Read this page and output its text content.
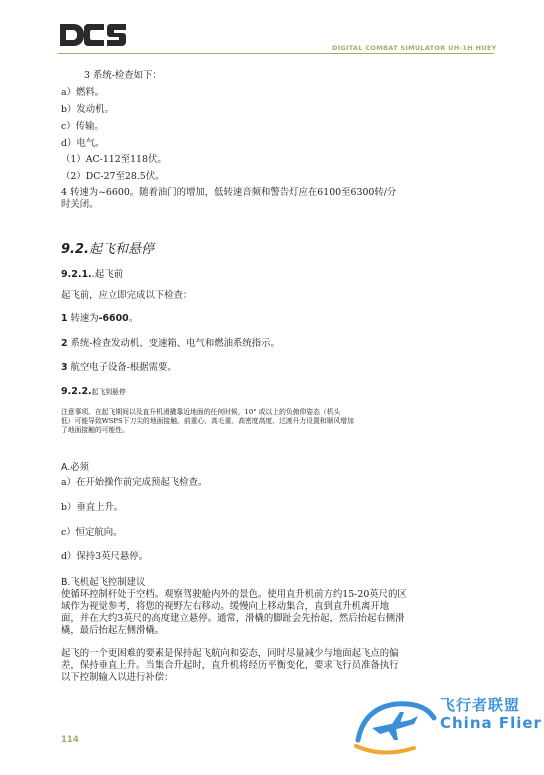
DIGITAL COMBAT SIMULATOR UH-1H HUEY
3 系统-检查如下：
a）燃料。
b）发动机。
c）传输。
d）电气。
（1）AC-112至118伏。
（2）DC-27至28.5伏。
4 转速为~6600。随着油门的增加，低转速音频和警告灯应在6100至6300转/分
时关闭。
9.2.起飞和悬停
9.2.1..起飞前
起飞前，应立即完成以下检查：
1 转速为-6600。
2 系统-检查发动机、变速箱、电气和燃油系统指示。
3 航空电子设备-根据需要。
9.2.2.起飞到悬停
注意事项。在起飞期间以及直升机滑撬靠近地面的任何时候，10° 或以上的负俯仰姿态（机头
低）可能导致WSPS下刀尖的地面接触。前重心、高毛重、高密度高度、过渡升力设置和顺风增加
了地面接触的可能性。
A.必须
a）在开始操作前完成预起飞检查。
b）垂直上升。
c）恒定航向。
d）保持3英尺悬停。
B.飞机起飞控制建议
使循环控制杆处于空档。观察驾驶舱内外的景色。使用直升机前方约15-20英尺的区
域作为视觉参考，将您的视野左右移动。缓慢向上移动集合，直到直升机离开地
面，并在大约3英尺的高度建立悬停。通常，滑橇的脚趾会先抬起，然后抬起右侧滑
橇，最后抬起左侧滑橇。
起飞的一个更困难的要素是保持起飞航向和姿态，同时尽量减少与地面起飞点的偏
差，保持垂直上升。当集合升起时，直升机将经历平衡变化，要求飞行员准备执行
以下控制输入以进行补偿：
114
飞行者联盟
China Flier
